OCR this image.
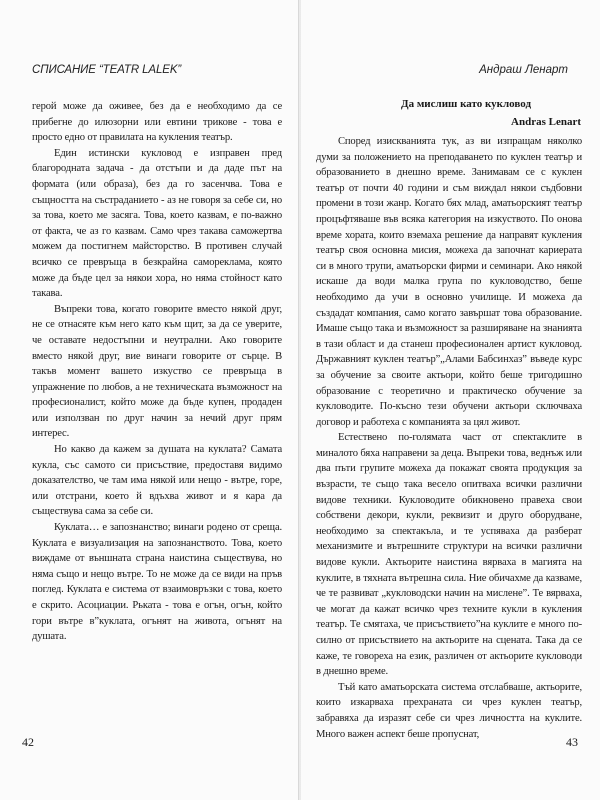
СПИСАНИЕ “TEATR LALEK”

герой може да оживее, без да е необходимо да се прибегне до илюзорни или евтини трикове - това е просто едно от правилата на кукления театър.

Един истински кукловод е изправен пред благородната задача - да отстъпи и да даде път на формата (или образа), без да го засенчва. Това е същността на състраданието - аз не говоря за себе си, но за това, което ме засяга. Това, което казвам, е по-важно от факта, че аз го казвам. Само чрез такава саможертва можем да постигнем майсторство. В противен случай всичко се превръща в безкрайна самореклама, която може да бъде цел за някои хора, но няма стойност като такава.

Въпреки това, когато говорите вместо някой друг, не се отнасяте към него като към щит, за да се уверите, че оставате недостъпни и неутрални. Ако говорите вместо някой друг, вие винаги говорите от сърце. В такъв момент вашето изкуство се превръща в упражнение по любов, а не техническата възможност на професионалист, който може да бъде купен, продаден или използван по друг начин за нечий друг прям интерес.

Но какво да кажем за душата на куклата? Самата кукла, със самото си присъствие, предоставя видимо доказателство, че там има някой или нещо - вътре, горе, или отстрани, което й вдъхва живот и я кара да съществува сама за себе си.

Куклата… е запознанство; винаги родено от среща. Куклата е визуализация на запознанството. Това, което виждаме от външната страна наистина съществува, но няма също и нещо вътре. То не може да се види на пръв поглед. Куклата е система от взаимовръзки с това, което е скрито. Асоциации. Рьката - това е огън, огън, който гори вътре в”куклата, огънят на живота, огънят на душата.

42
Андраш Ленарт
Да мислиш като кукловод
Andras Lenart

Според изискванията тук, аз ви изпращам няколко думи за положението на преподаването по куклен театър и образованието в днешно време. Занимавам се с куклен театър от почти 40 години и съм виждал някои съдбовни промени в този жанр. Когато бях млад, аматьорският театър процъфтяваше във всяка категория на изкуството. По онова време хората, които вземаха решение да направят кукления театър своя основна мисия, можеха да започнат кариерата си в много трупи, аматьорски фирми и семинари. Ако някой искаше да води малка група по кукловодство, беше необходимо да учи в основно училище. И можеха да създадат компания, само когато завършат това образование. Имаше също така и възможност за разширяване на знанията в тази област и да станеш професионален артист кукловод. Държавният куклен театър”„Алами Бабсинхаз” въведе курс за обучение за своите актьори, който беше тригодишно образование с теоретично и практическо обучение за кукловодите. По-късно тези обучени актьори сключваха договор и работеха с компанията за цял живот.

Естествено по-голямата част от спектаклите в миналото бяха направени за деца. Въпреки това, веднъж или два пъти групите можеха да покажат своята продукция за възрасти, те също така весело опитваха всички различни видове техники. Кукловодите обикновено правеха свои собствени декори, кукли, реквизит и друго оборудване, необходимо за спектакъла, и те успяваха да разберат механизмите и вътрешните структури на всички различни видове кукли. Актьорите наистина вярваха в магията на куклите, в тяхната вътрешна сила. Ние обичахме да казваме, че те развиват „кукловодски начин на мислене”. Те вярваха, че могат да кажат всичко чрез техните кукли в кукления театър. Те смятаха, че присъствието”на куклите е много по-силно от присъствието на актьорите на сцената. Така да се каже, те говореха на език, различен от актьорите кукловоди в днешно време.

Тъй като аматьорската система отслабваше, актьорите, които изкарваха прехраната си чрез куклен театър, забравяха да изразят себе си чрез личността на куклите. Много важен аспект беше пропуснат,

43
